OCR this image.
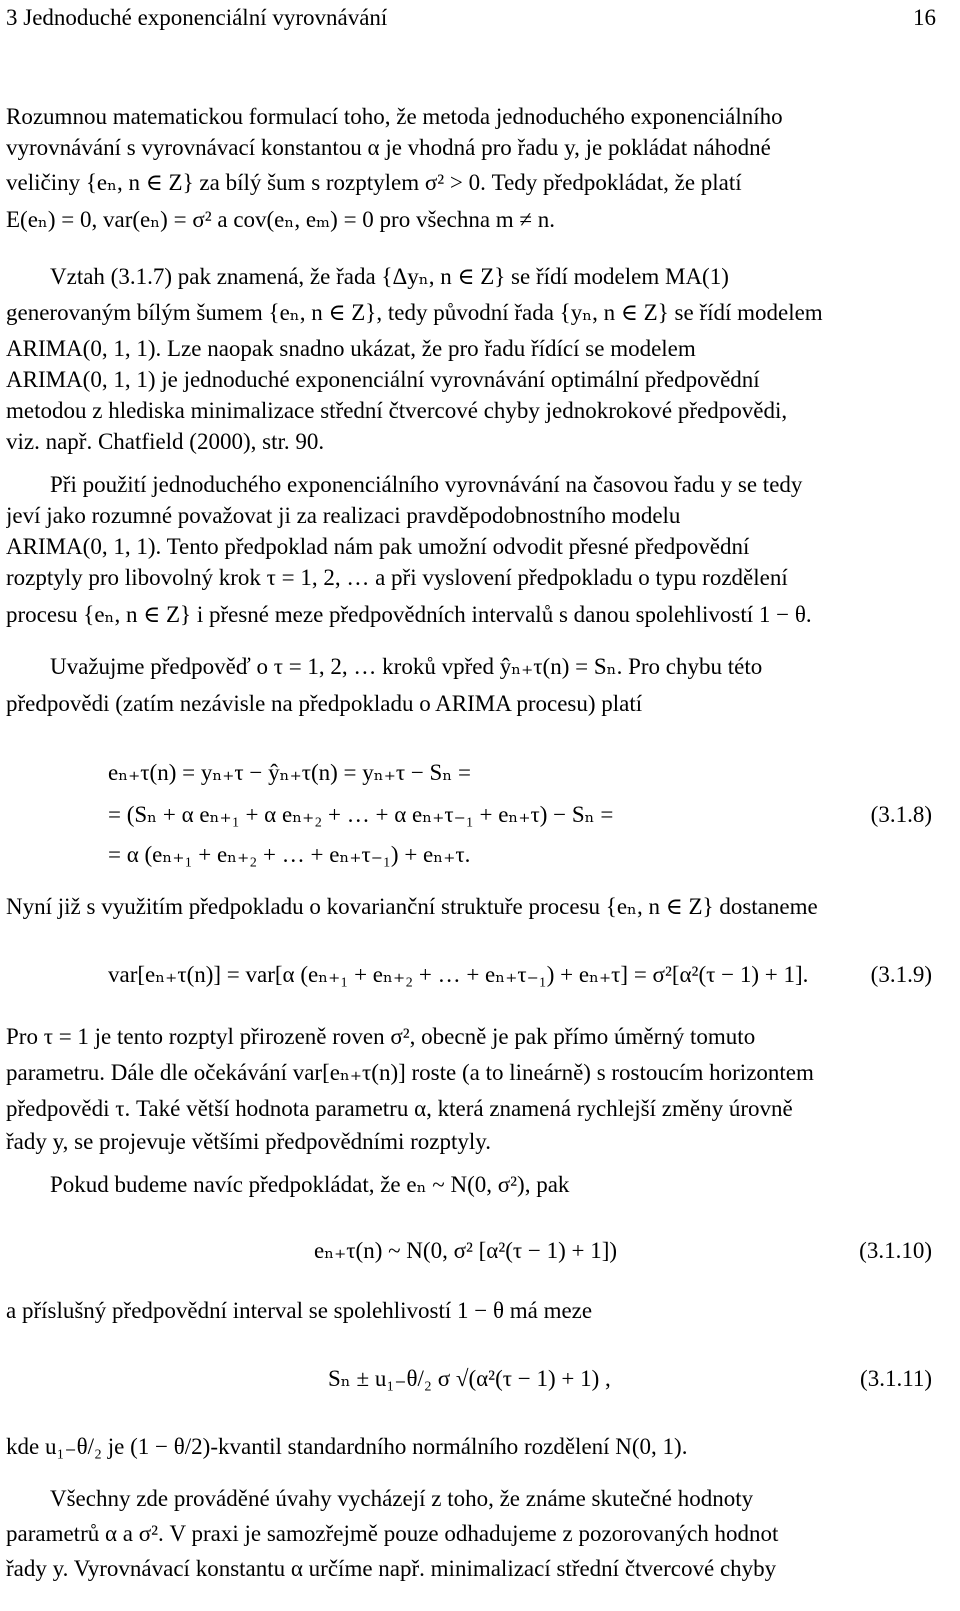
3 Jednoduché exponenciální vyrovnávání	16
Rozumnou matematickou formulací toho, že metoda jednoduchého exponenciálního
vyrovnávání s vyrovnávací konstantou α je vhodná pro řadu y, je pokládat náhodné
veličiny {eₙ, n ∈ Z} za bílý šum s rozptylem σ² > 0. Tedy předpokládat, že platí
E(eₙ) = 0, var(eₙ) = σ² a cov(eₙ, eₘ) = 0 pro všechna m ≠ n.
Vztah (3.1.7) pak znamená, že řada {Δyₙ, n ∈ Z} se řídí modelem MA(1)
generovaným bílým šumem {eₙ, n ∈ Z}, tedy původní řada {yₙ, n ∈ Z} se řídí modelem
ARIMA(0, 1, 1). Lze naopak snadno ukázat, že pro řadu řídící se modelem
ARIMA(0, 1, 1) je jednoduché exponenciální vyrovnávání optimální předpovědní
metodou z hlediska minimalizace střední čtvercové chyby jednokrokové předpovědi,
viz. např. Chatfield (2000), str. 90.
Při použití jednoduchého exponenciálního vyrovnávání na časovou řadu y se tedy
jeví jako rozumné považovat ji za realizaci pravděpodobnostního modelu
ARIMA(0, 1, 1). Tento předpoklad nám pak umožní odvodit přesné předpovědní
rozptyly pro libovolný krok τ = 1, 2, … a při vyslovení předpokladu o typu rozdělení
procesu {eₙ, n ∈ Z} i přesné meze předpovědních intervalů s danou spolehlivostí 1 − θ.
Uvažujme předpověď o τ = 1, 2, … kroků vpřed ŷₙ₊τ(n) = Sₙ. Pro chybu této
předpovědi (zatím nezávisle na předpokladu o ARIMA procesu) platí
eₙ₊τ(n) = yₙ₊τ − ŷₙ₊τ(n) = yₙ₊τ − Sₙ =
= (Sₙ + α eₙ₊₁ + α eₙ₊₂ + … + α eₙ₊τ₋₁ + eₙ₊τ) − Sₙ =	(3.1.8)
= α (eₙ₊₁ + eₙ₊₂ + … + eₙ₊τ₋₁) + eₙ₊τ.
Nyní již s využitím předpokladu o kovarianční struktuře procesu {eₙ, n ∈ Z} dostaneme
var[eₙ₊τ(n)] = var[α (eₙ₊₁ + eₙ₊₂ + … + eₙ₊τ₋₁) + eₙ₊τ] = σ²[α²(τ − 1) + 1].	(3.1.9)
Pro τ = 1 je tento rozptyl přirozeně roven σ², obecně je pak přímo úměrný tomuto
parametru. Dále dle očekávání var[eₙ₊τ(n)] roste (a to lineárně) s rostoucím horizontem
předpovědi τ. Také větší hodnota parametru α, která znamená rychlejší změny úrovně
řady y, se projevuje většími předpovědními rozptyly.
Pokud budeme navíc předpokládat, že eₙ ~ N(0, σ²), pak
eₙ₊τ(n) ~ N(0, σ² [α²(τ − 1) + 1])	(3.1.10)
a příslušný předpovědní interval se spolehlivostí 1 − θ má meze
Sₙ ± u₁₋θ/₂ σ √(α²(τ − 1) + 1) ,	(3.1.11)
kde u₁₋θ/₂ je (1 − θ/2)-kvantil standardního normálního rozdělení N(0, 1).
Všechny zde prováděné úvahy vycházejí z toho, že známe skutečné hodnoty
parametrů α a σ². V praxi je samozřejmě pouze odhadujeme z pozorovaných hodnot
řady y. Vyrovnávací konstantu α určíme např. minimalizací střední čtvercové chyby
